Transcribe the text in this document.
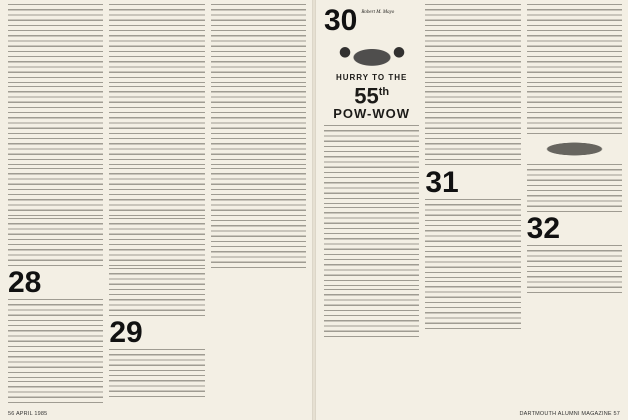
28

29

56 APRIL 1985
30 Robert M. Mayo
HURRY TO THE
55th
POW-WOW

31

32

DARTMOUTH ALUMNI MAGAZINE 57
